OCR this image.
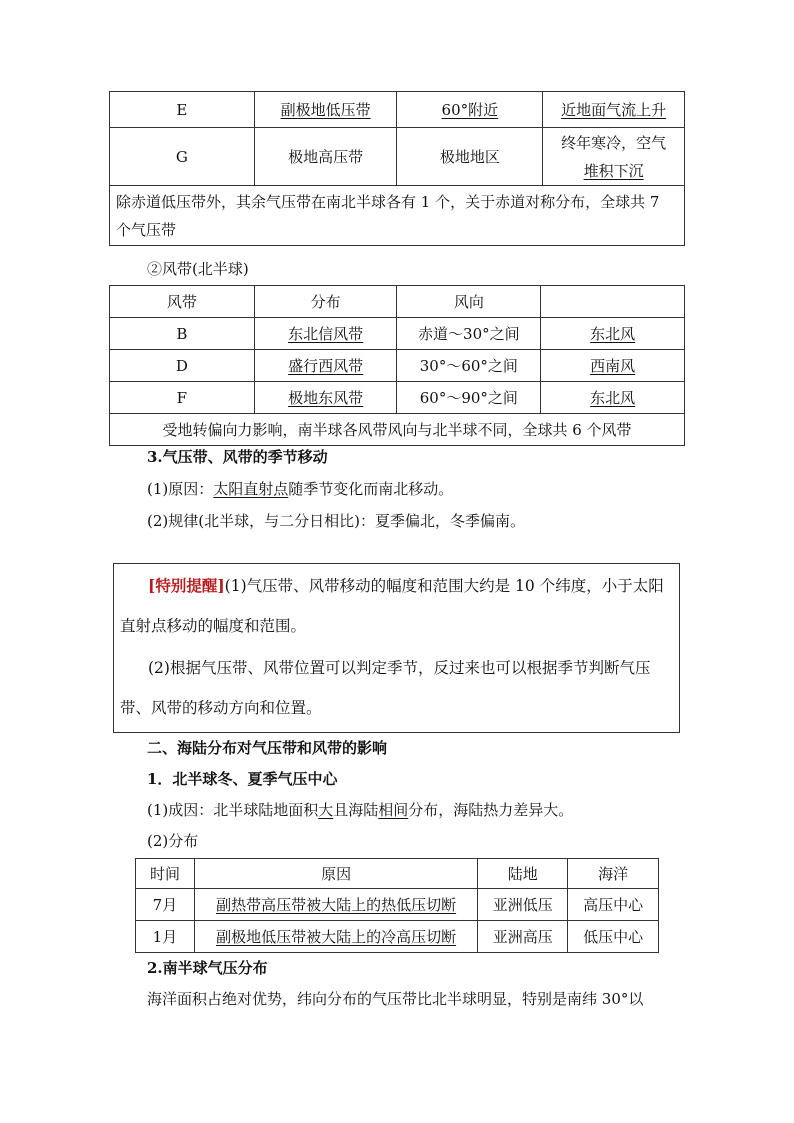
E	副极地低压带	60°附近	近地面气流上升
G	极地高压带	极地地区	终年寒冷，空气
堆积下沉

除赤道低压带外，其余气压带在南北半球各有 1 个，关于赤道对称分布，全球共 7
个气压带			
②风带(北半球)
风带	分布	风向	
B	东北信风带	赤道～30°之间	东北风
D	盛行西风带	30°～60°之间	西南风
F	极地东风带	60°～90°之间	东北风
受地转偏向力影响，南半球各风带风向与北半球不同，全球共 6 个风带			
3.气压带、风带的季节移动
(1)原因：太阳直射点随季节变化而南北移动。
(2)规律(北半球，与二分日相比)：夏季偏北，冬季偏南。
[特别提醒](1)气压带、风带移动的幅度和范围大约是 10 个纬度，小于太阳
直射点移动的幅度和范围。
(2)根据气压带、风带位置可以判定季节，反过来也可以根据季节判断气压
带、风带的移动方向和位置。
二、海陆分布对气压带和风带的影响
1．北半球冬、夏季气压中心
(1)成因：北半球陆地面积大且海陆相间分布，海陆热力差异大。
(2)分布
时间	原因	陆地	海洋
7月	副热带高压带被大陆上的热低压切断	亚洲低压	高压中心
1月	副极地低压带被大陆上的冷高压切断	亚洲高压	低压中心
2.南半球气压分布
海洋面积占绝对优势，纬向分布的气压带比北半球明显，特别是南纬 30°以
